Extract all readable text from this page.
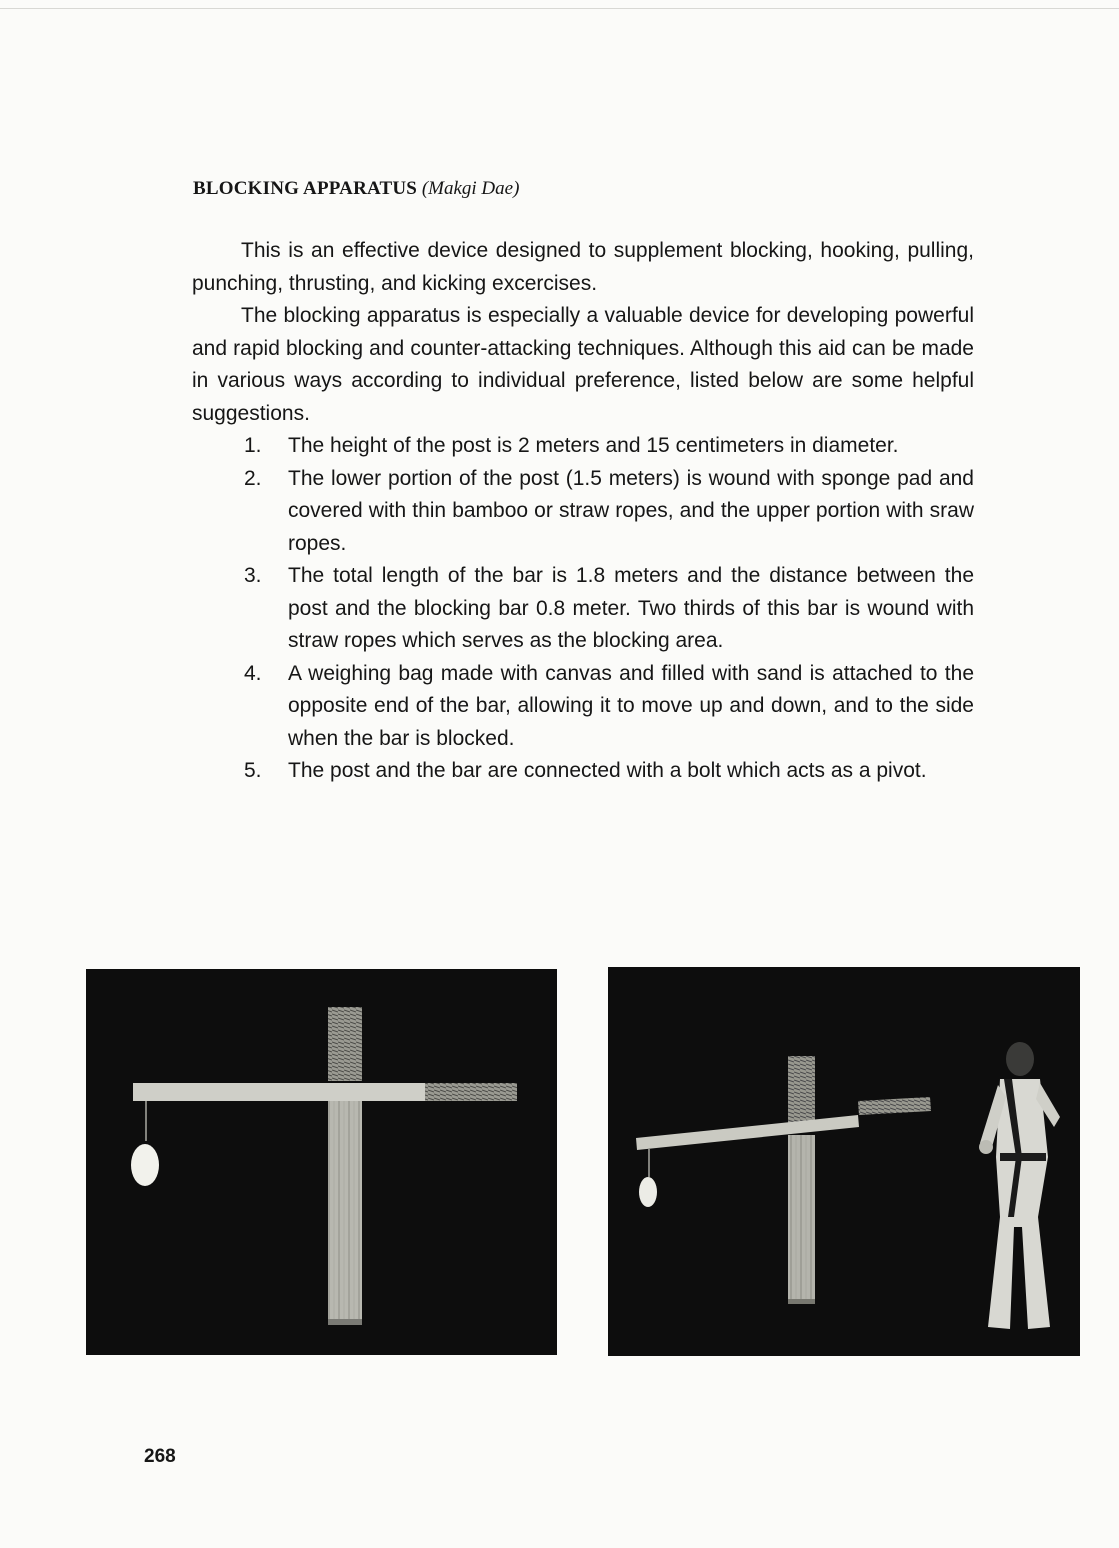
BLOCKING APPARATUS (Makgi Dae)

This is an effective device designed to supplement blocking, hooking, pulling, punching, thrusting, and kicking excercises.

The blocking apparatus is especially a valuable device for developing powerful and rapid blocking and counter-attacking techniques. Although this aid can be made in various ways according to individual preference, listed below are some helpful suggestions.

1. The height of the post is 2 meters and 15 centimeters in diameter.
2. The lower portion of the post (1.5 meters) is wound with sponge pad and covered with thin bamboo or straw ropes, and the upper portion with sraw ropes.
3. The total length of the bar is 1.8 meters and the distance between the post and the blocking bar 0.8 meter. Two thirds of this bar is wound with straw ropes which serves as the blocking area.
4. A weighing bag made with canvas and filled with sand is attached to the opposite end of the bar, allowing it to move up and down, and to the side when the bar is blocked.
5. The post and the bar are connected with a bolt which acts as a pivot.
268
